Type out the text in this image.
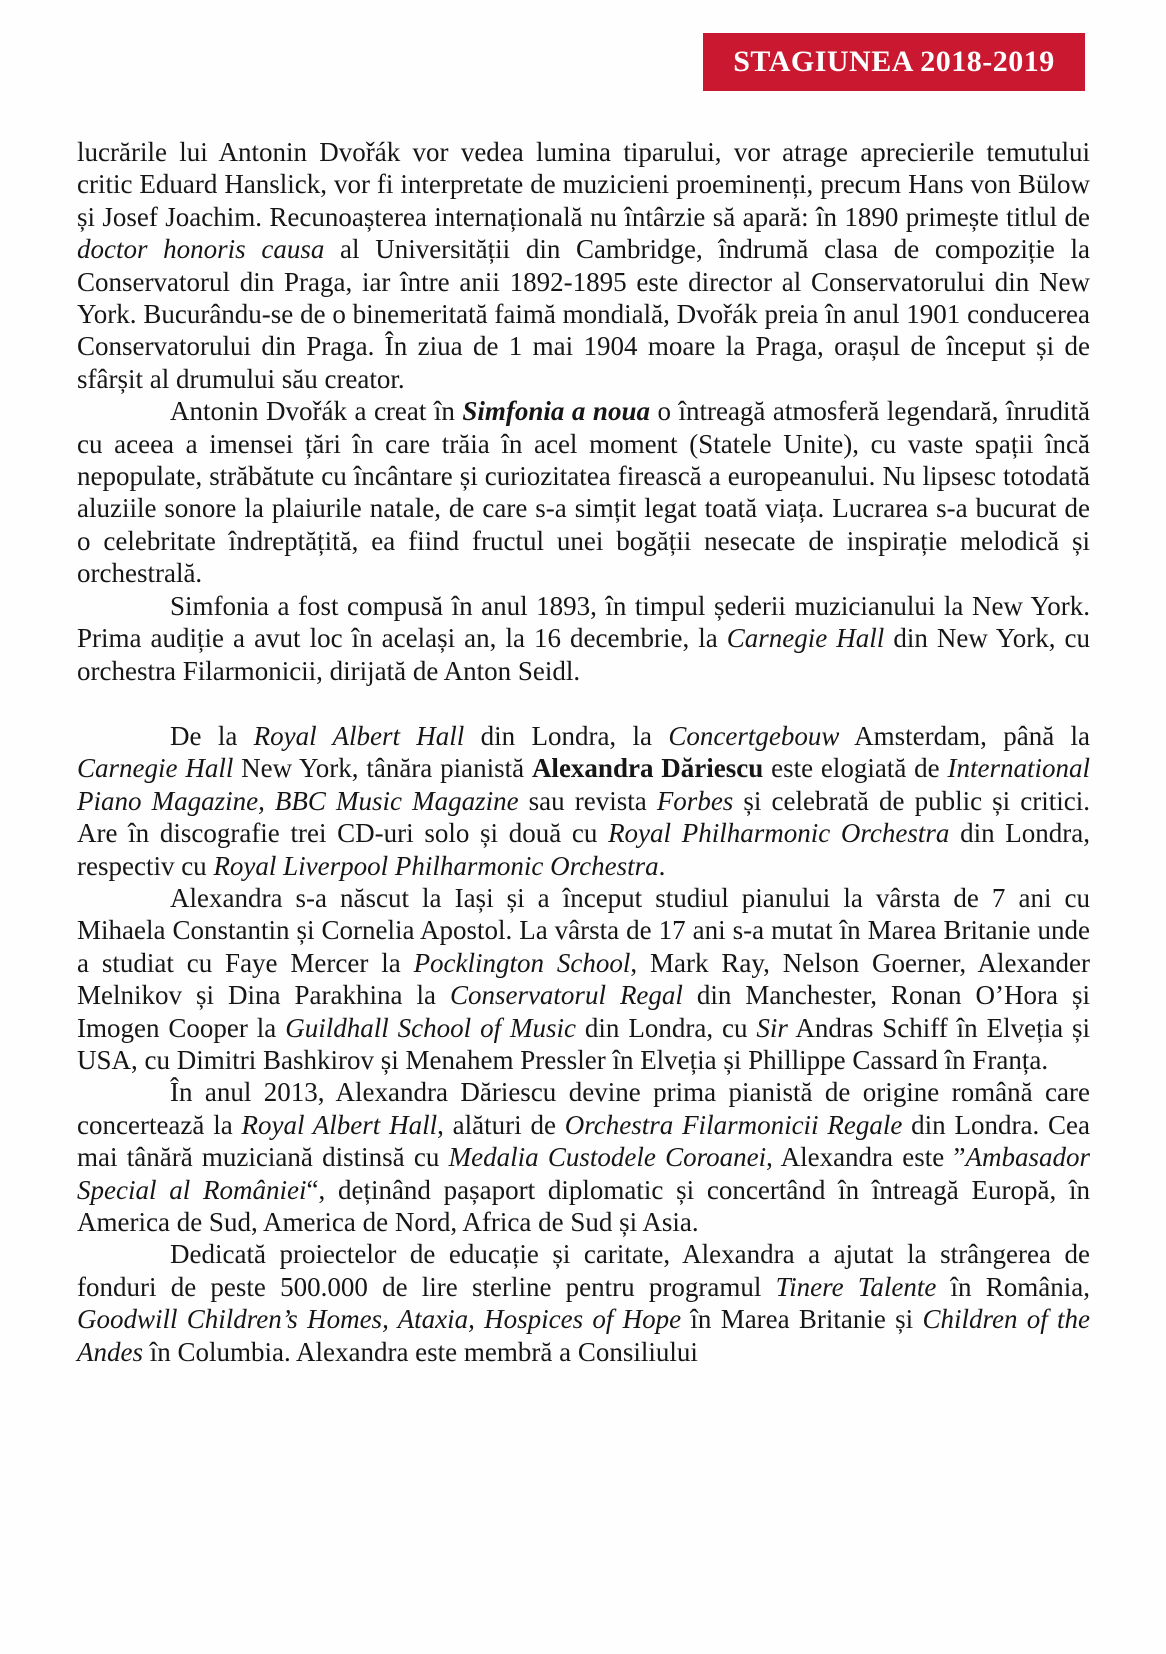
STAGIUNEA 2018-2019

lucrările lui Antonin Dvořák vor vedea lumina tiparului, vor atrage aprecierile temutului critic Eduard Hanslick, vor fi interpretate de muzicieni proeminenți, precum Hans von Bülow și Josef Joachim. Recunoașterea internațională nu întârzie să apară: în 1890 primește titlul de doctor honoris causa al Universității din Cambridge, îndrumă clasa de compoziție la Conservatorul din Praga, iar între anii 1892-1895 este director al Conservatorului din New York. Bucurându-se de o binemeritată faimă mondială, Dvořák preia în anul 1901 conducerea Conservatorului din Praga. În ziua de 1 mai 1904 moare la Praga, orașul de început și de sfârșit al drumului său creator.

Antonin Dvořák a creat în Simfonia a noua o întreagă atmosferă legendară, înrudită cu aceea a imensei țări în care trăia în acel moment (Statele Unite), cu vaste spații încă nepopulate, străbătute cu încântare și curiozitatea firească a europeanului. Nu lipsesc totodată aluziile sonore la plaiurile natale, de care s-a simțit legat toată viața. Lucrarea s-a bucurat de o celebritate îndreptățită, ea fiind fructul unei bogății nesecate de inspirație melodică și orchestrală.

Simfonia a fost compusă în anul 1893, în timpul șederii muzicianului la New York. Prima audiție a avut loc în același an, la 16 decembrie, la Carnegie Hall din New York, cu orchestra Filarmonicii, dirijată de Anton Seidl.

De la Royal Albert Hall din Londra, la Concertgebouw Amsterdam, până la Carnegie Hall New York, tânăra pianistă Alexandra Dăriescu este elogiată de International Piano Magazine, BBC Music Magazine sau revista Forbes și celebrată de public și critici. Are în discografie trei CD-uri solo și două cu Royal Philharmonic Orchestra din Londra, respectiv cu Royal Liverpool Philharmonic Orchestra.

Alexandra s-a născut la Iași și a început studiul pianului la vârsta de 7 ani cu Mihaela Constantin și Cornelia Apostol. La vârsta de 17 ani s-a mutat în Marea Britanie unde a studiat cu Faye Mercer la Pocklington School, Mark Ray, Nelson Goerner, Alexander Melnikov și Dina Parakhina la Conservatorul Regal din Manchester, Ronan O’Hora și Imogen Cooper la Guildhall School of Music din Londra, cu Sir Andras Schiff în Elveția și USA, cu Dimitri Bashkirov și Menahem Pressler în Elveția și Phillippe Cassard în Franța.

În anul 2013, Alexandra Dăriescu devine prima pianistă de origine română care concertează la Royal Albert Hall, alături de Orchestra Filarmonicii Regale din Londra. Cea mai tânără muziciană distinsă cu Medalia Custodele Coroanei, Alexandra este ”Ambasador Special al României“, deținând pașaport diplomatic și concertând în întreagă Europă, în America de Sud, America de Nord, Africa de Sud și Asia.

Dedicată proiectelor de educație și caritate, Alexandra a ajutat la strângerea de fonduri de peste 500.000 de lire sterline pentru programul Tinere Talente în România, Goodwill Children’s Homes, Ataxia, Hospices of Hope în Marea Britanie și Children of the Andes în Columbia. Alexandra este membră a Consiliului
